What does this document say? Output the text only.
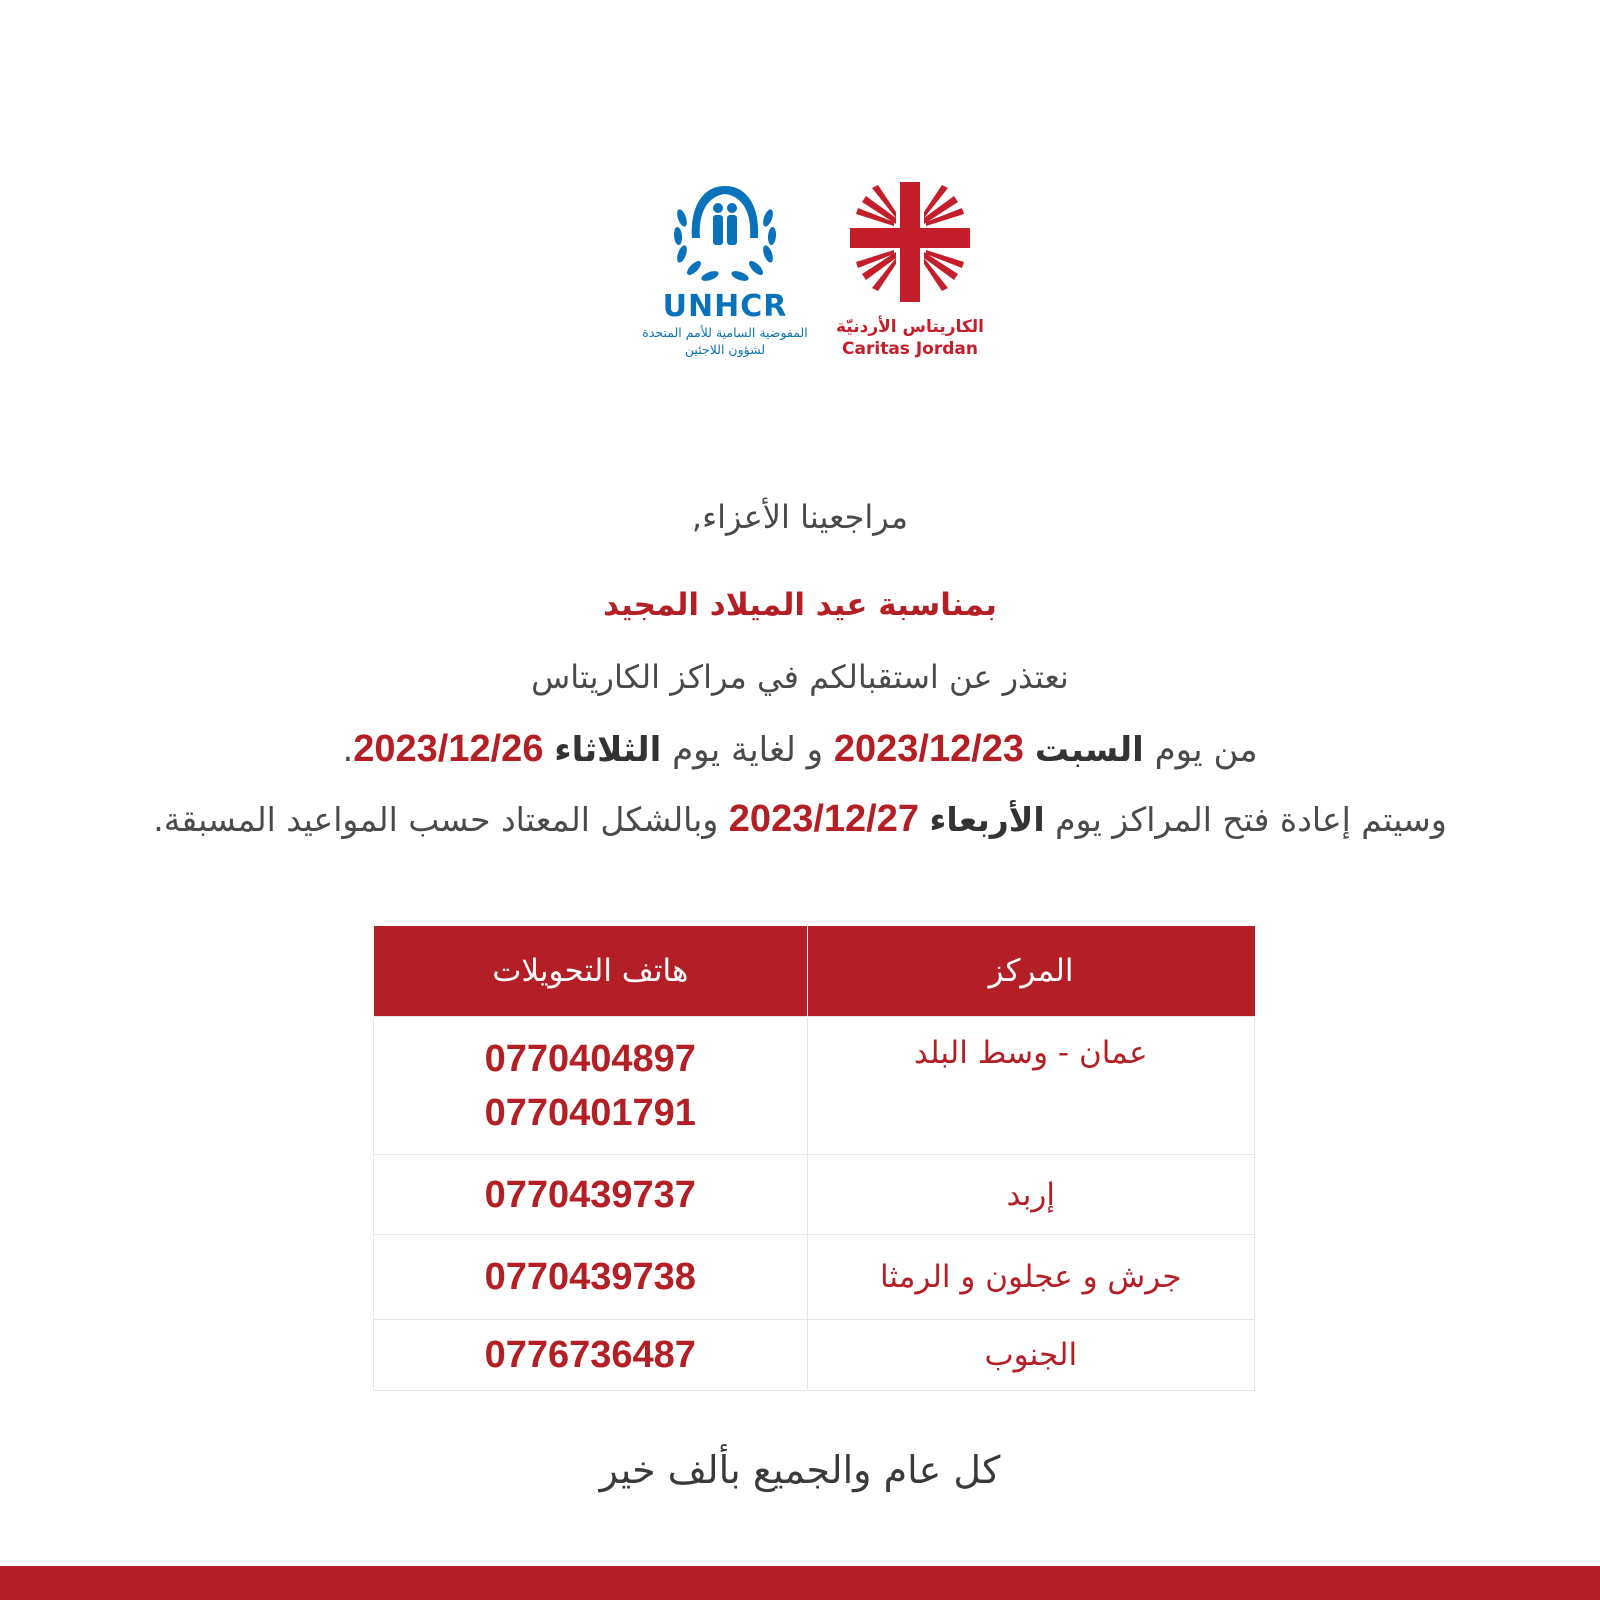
UNHCR
المفوضية السامية للأمم المتحدة
لشؤون اللاجئين
الكاريتاس الأردنيّة
Caritas Jordan
مراجعينا الأعزاء,
بمناسبة عيد الميلاد المجيد
نعتذر عن استقبالكم في مراكز الكاريتاس
من يوم السبت 2023/12/23 و لغاية يوم الثلاثاء 2023/12/26.
وسيتم إعادة فتح المراكز يوم الأربعاء 2023/12/27 وبالشكل المعتاد حسب المواعيد المسبقة.
المركز	هاتف التحويلات
عمان - وسط البلد	0770404897
0770401791

إربد	0770439737

جرش و عجلون و الرمثا	0770439738

الجنوب	0776736487
كل عام والجميع بألف خير
